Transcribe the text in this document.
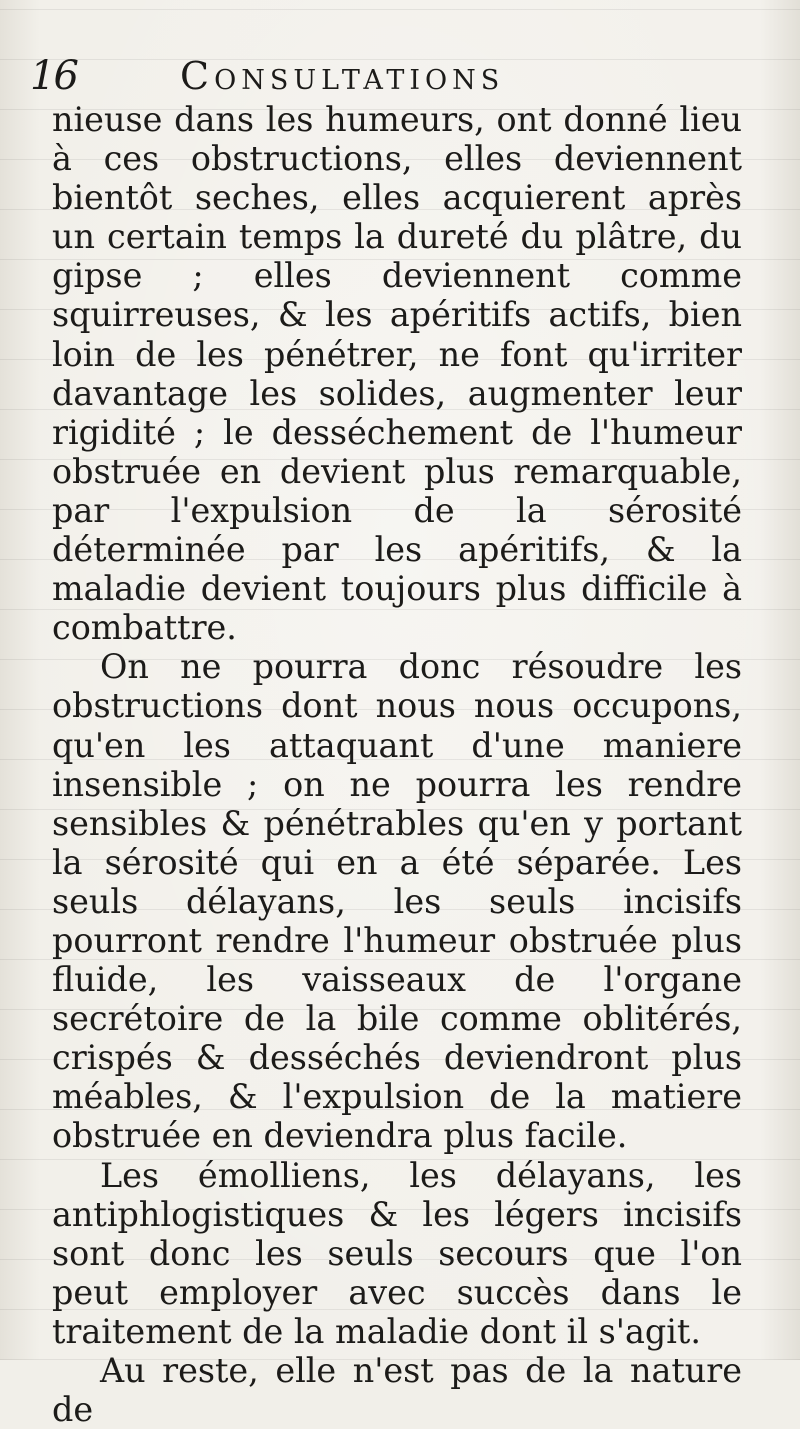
16	consultations

nieuse dans les humeurs, ont donné lieu à ces obstructions, elles deviennent bientôt seches, elles acquierent après un certain temps la dureté du plâtre, du gipse ; elles deviennent comme squirreuses, & les apéritifs actifs, bien loin de les pénétrer, ne font qu'irriter davantage les solides, augmenter leur rigidité ; le desséchement de l'humeur obstruée en devient plus remarquable, par l'expulsion de la sérosité déterminée par les apéritifs, & la maladie devient toujours plus difficile à combattre.

On ne pourra donc résoudre les obstructions dont nous nous occupons, qu'en les attaquant d'une maniere insensible ; on ne pourra les rendre sensibles & pénétrables qu'en y portant la sérosité qui en a été séparée. Les seuls délayans, les seuls incisifs pourront rendre l'humeur obstruée plus fluide, les vaisseaux de l'organe secrétoire de la bile comme oblitérés, crispés & desséchés deviendront plus méables, & l'expulsion de la matiere obstruée en deviendra plus facile.

Les émolliens, les délayans, les antiphlogistiques & les légers incisifs sont donc les seuls secours que l'on peut employer avec succès dans le traitement de la maladie dont il s'agit.

Au reste, elle n'est pas de la nature de
